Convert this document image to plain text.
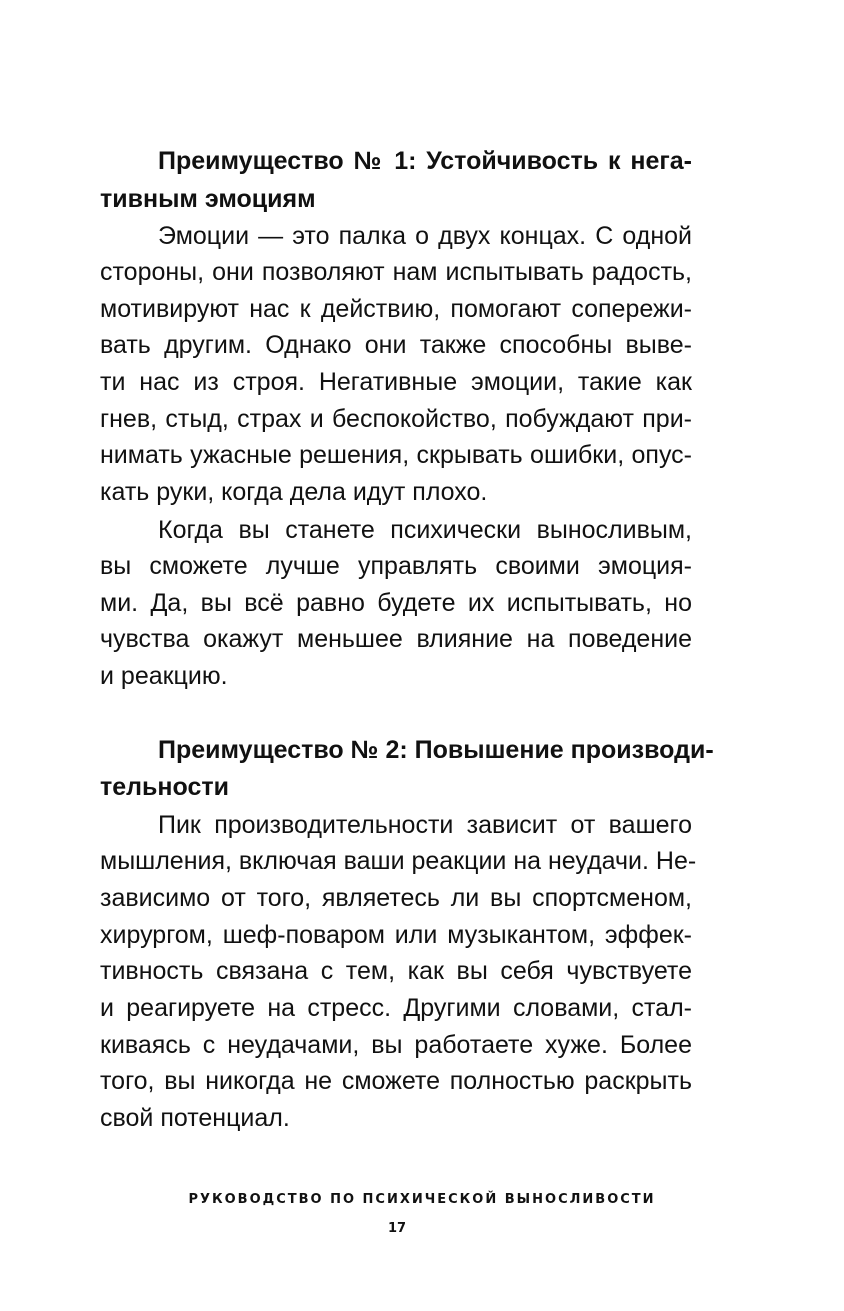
Преимущество № 1: Устойчивость к нега-
тивным эмоциям
Эмоции — это палка о двух концах. С одной
стороны, они позволяют нам испытывать радость,
мотивируют нас к действию, помогают сопережи-
вать другим. Однако они также способны выве-
ти нас из строя. Негативные эмоции, такие как
гнев, стыд, страх и беспокойство, побуждают при-
нимать ужасные решения, скрывать ошибки, опус-
кать руки, когда дела идут плохо.
Когда вы станете психически выносливым,
вы сможете лучше управлять своими эмоция-
ми. Да, вы всё равно будете их испытывать, но
чувства окажут меньшее влияние на поведение
и реакцию.
Преимущество № 2: Повышение производи-
тельности
Пик производительности зависит от вашего
мышления, включая ваши реакции на неудачи. Не-
зависимо от того, являетесь ли вы спортсменом,
хирургом, шеф-поваром или музыкантом, эффек-
тивность связана с тем, как вы себя чувствуете
и реагируете на стресс. Другими словами, стал-
киваясь с неудачами, вы работаете хуже. Более
того, вы никогда не сможете полностью раскрыть
свой потенциал.
РУКОВОДСТВО ПО ПСИХИЧЕСКОЙ ВЫНОСЛИВОСТИ
17
